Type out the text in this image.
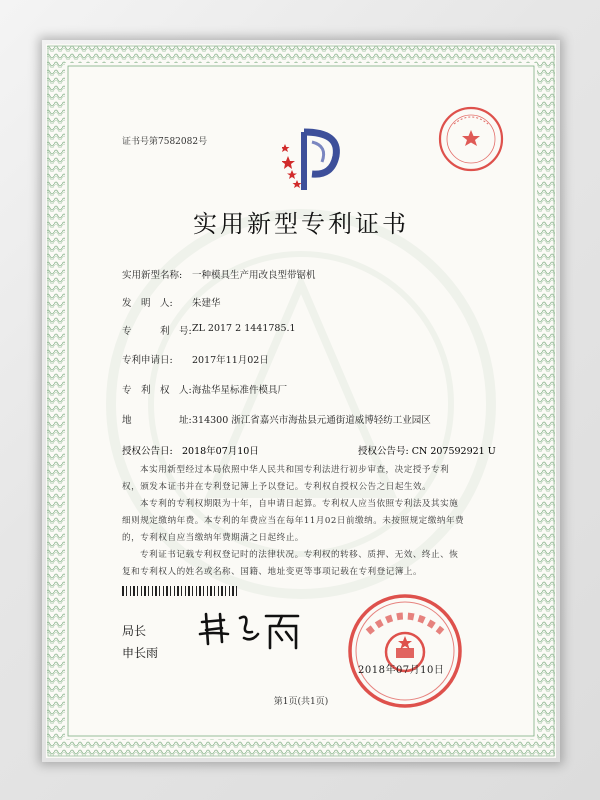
证书号第7582082号
实用新型专利证书
实用新型名称: 一种模具生产用改良型带锯机
发　明　人: 朱建华
专　　　利　号: ZL 2017 2 1441785.1
专利申请日: 2017年11月02日
专　利　权　人: 海盐华星标准件模具厂
地　　　　　址: 314300 浙江省嘉兴市海盐县元通街道威博轻纺工业园区
授权公告日: 2018年07月10日	授权公告号: CN 207592921 U
本实用新型经过本局依照中华人民共和国专利法进行初步审查，决定授予专利权，颁发本证书并在专利登记簿上予以登记。专利权自授权公告之日起生效。
本专利的专利权期限为十年，自申请日起算。专利权人应当依照专利法及其实施细则规定缴纳年费。本专利的年费应当在每年11月02日前缴纳。未按照规定缴纳年费的，专利权自应当缴纳年费期满之日起终止。
专利证书记载专利权登记时的法律状况。专利权的转移、质押、无效、终止、恢复和专利权人的姓名或名称、国籍、地址变更等事项记载在专利登记簿上。
局长
申长雨
2018年07月10日
第1页(共1页)
